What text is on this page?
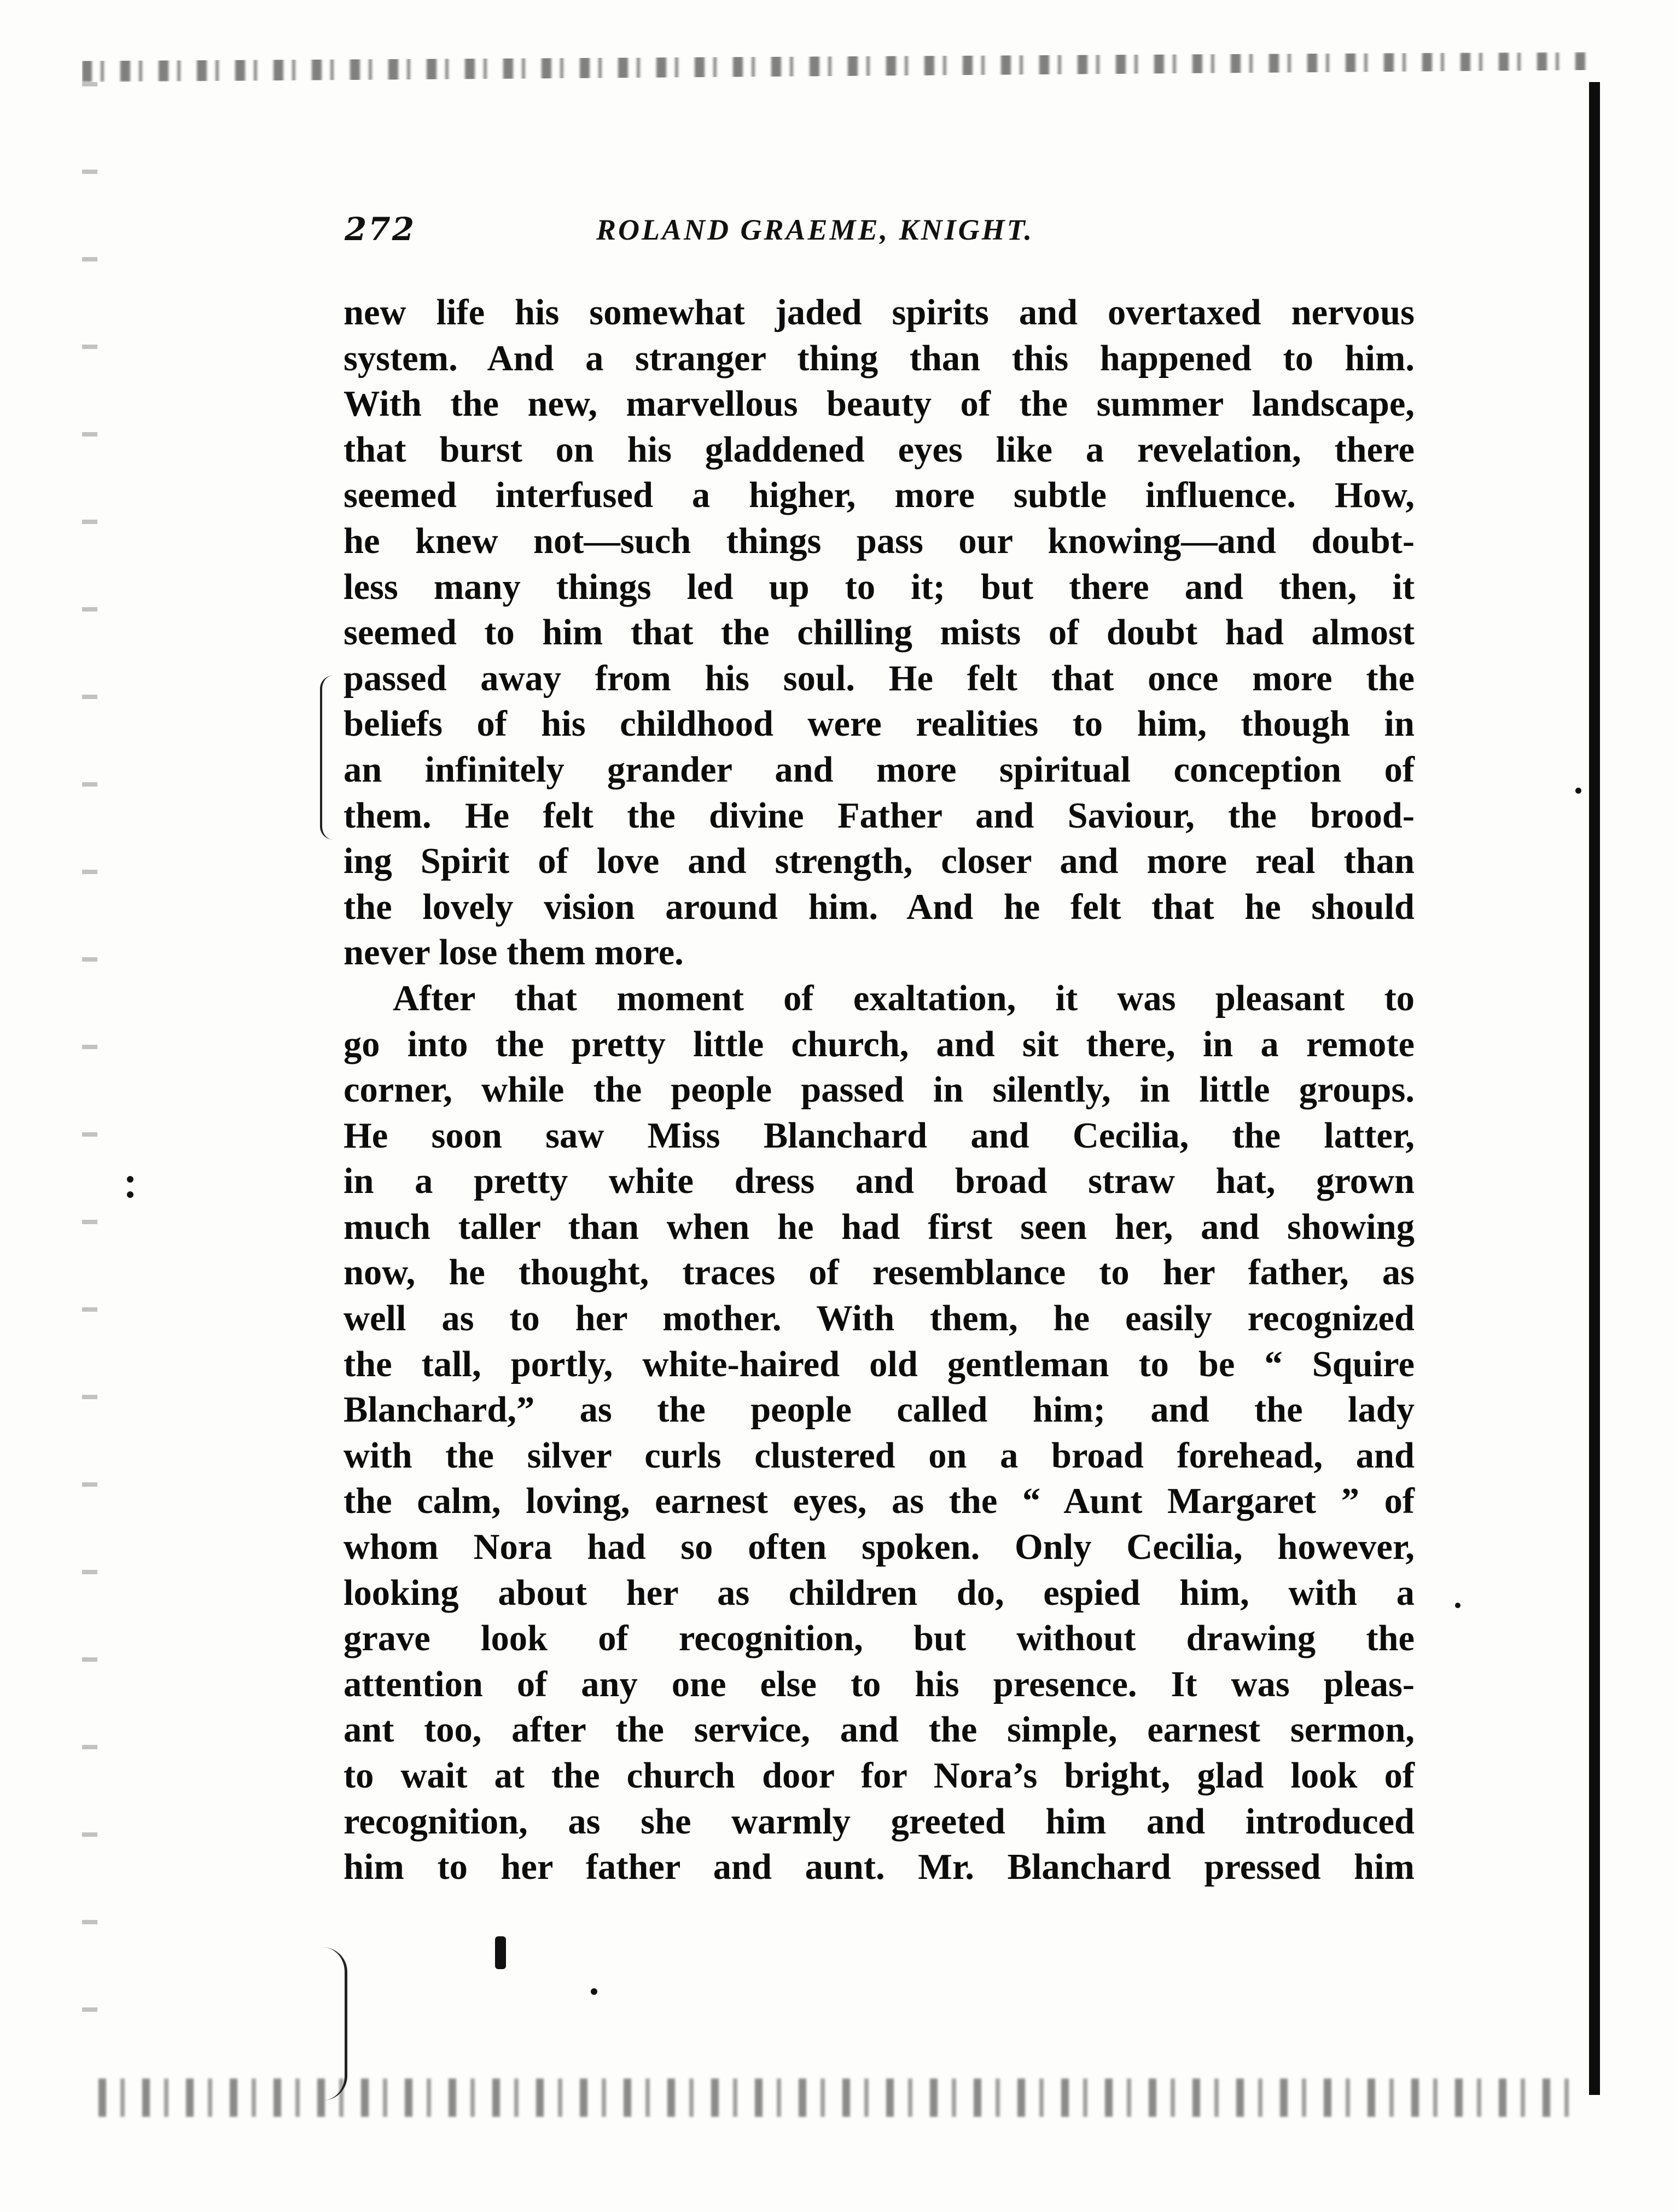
272	ROLAND GRAEME, KNIGHT.
new life his somewhat jaded spirits and overtaxed nervous
system. And a stranger thing than this happened to him.
With the new, marvellous beauty of the summer landscape,
that burst on his gladdened eyes like a revelation, there
seemed interfused a higher, more subtle influence. How,
he knew not—such things pass our knowing—and doubt-
less many things led up to it; but there and then, it
seemed to him that the chilling mists of doubt had almost
passed away from his soul. He felt that once more the
beliefs of his childhood were realities to him, though in
an infinitely grander and more spiritual conception of
them. He felt the divine Father and Saviour, the brood-
ing Spirit of love and strength, closer and more real than
the lovely vision around him. And he felt that he should
never lose them more.
After that moment of exaltation, it was pleasant to
go into the pretty little church, and sit there, in a remote
corner, while the people passed in silently, in little groups.
He soon saw Miss Blanchard and Cecilia, the latter,
in a pretty white dress and broad straw hat, grown
much taller than when he had first seen her, and showing
now, he thought, traces of resemblance to her father, as
well as to her mother. With them, he easily recognized
the tall, portly, white-haired old gentleman to be “ Squire
Blanchard,” as the people called him; and the lady
with the silver curls clustered on a broad forehead, and
the calm, loving, earnest eyes, as the “ Aunt Margaret ” of
whom Nora had so often spoken. Only Cecilia, however,
looking about her as children do, espied him, with a
grave look of recognition, but without drawing the
attention of any one else to his presence. It was pleas-
ant too, after the service, and the simple, earnest sermon,
to wait at the church door for Nora’s bright, glad look of
recognition, as she warmly greeted him and introduced
him to her father and aunt. Mr. Blanchard pressed him
